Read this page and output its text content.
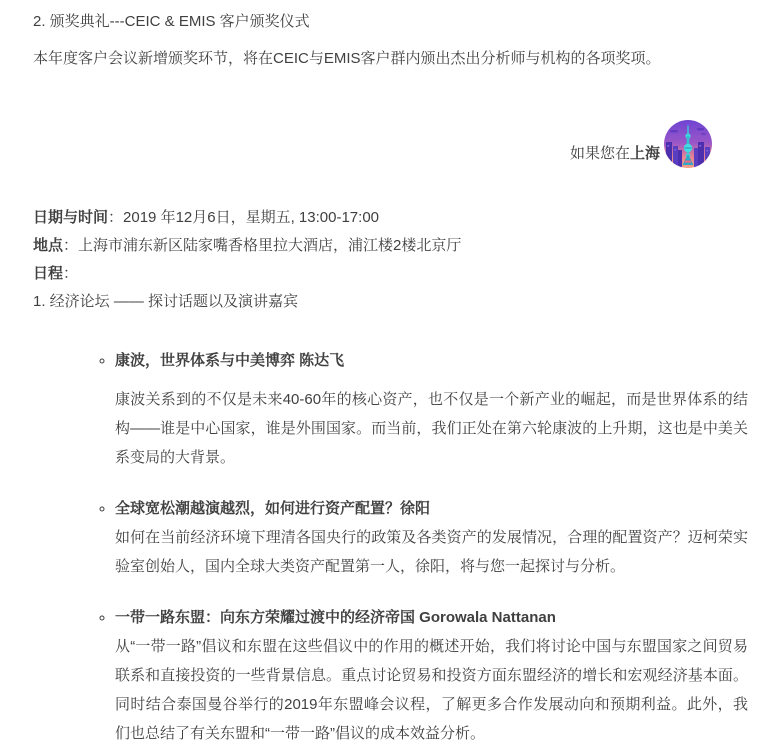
2. 颁奖典礼---CEIC & EMIS 客户颁奖仪式
本年度客户会议新增颁奖环节，将在CEIC与EMIS客户群内颁出杰出分析师与机构的各项奖项。
如果您在上海
日期与时间：2019 年12月6日，星期五, 13:00-17:00
地点：上海市浦东新区陆家嘴香格里拉大酒店，浦江楼2楼北京厅
日程：
1. 经济论坛 —— 探讨话题以及演讲嘉宾
◦ 康波，世界体系与中美博弈 陈达飞
康波关系到的不仅是未来40-60年的核心资产，也不仅是一个新产业的崛起，而是世界体系的结构——谁是中心国家，谁是外围国家。而当前，我们正处在第六轮康波的上升期，这也是中美关系变局的大背景。
◦ 全球宽松潮越演越烈，如何进行资产配置？徐阳
如何在当前经济环境下理清各国央行的政策及各类资产的发展情况，合理的配置资产？迈柯荣实验室创始人，国内全球大类资产配置第一人，徐阳，将与您一起探讨与分析。
◦ 一带一路东盟：向东方荣耀过渡中的经济帝国 Gorowala Nattanan
从“一带一路”倡议和东盟在这些倡议中的作用的概述开始，我们将讨论中国与东盟国家之间贸易联系和直接投资的一些背景信息。重点讨论贸易和投资方面东盟经济的增长和宏观经济基本面。同时结合泰国曼谷举行的2019年东盟峰会议程，了解更多合作发展动向和预期利益。此外，我们也总结了有关东盟和“一带一路”倡议的成本效益分析。
